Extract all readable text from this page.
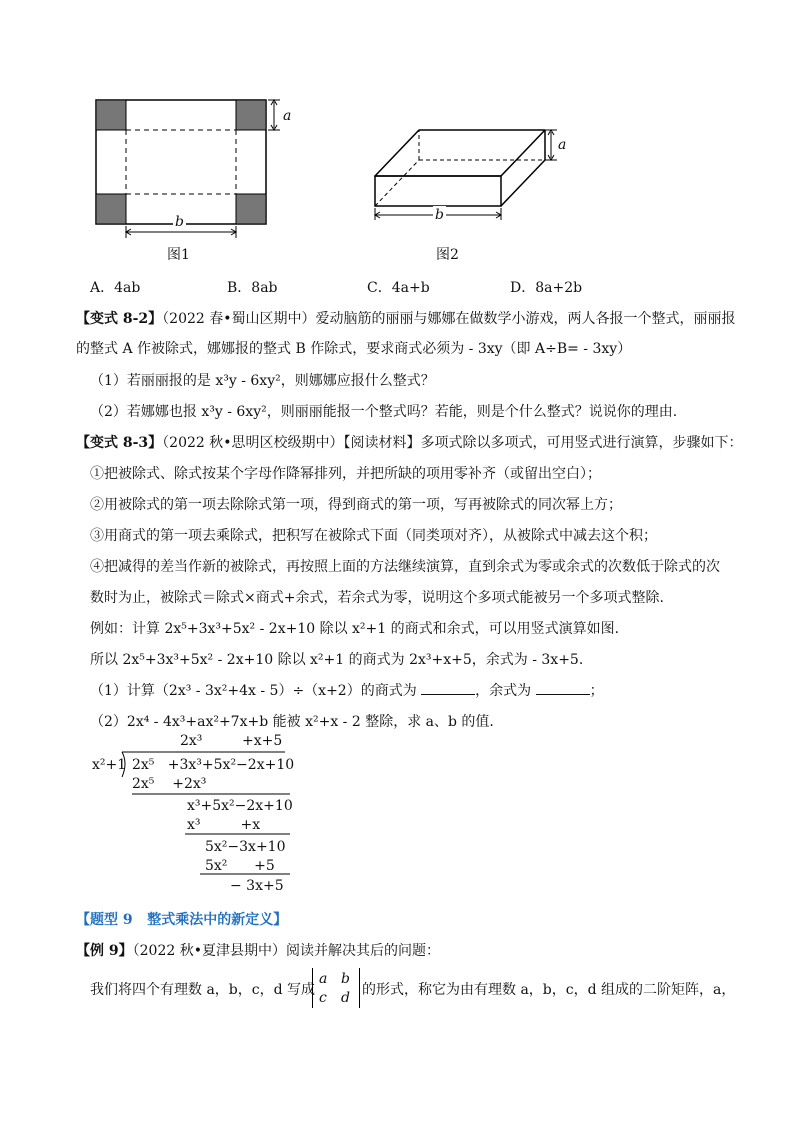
a
b
图1
a
b
图2
A．4ab	B．8ab	C．4a+b	D．8a+2b
【变式 8-2】（2022 春•蜀山区期中）爱动脑筋的丽丽与娜娜在做数学小游戏，两人各报一个整式，丽丽报
的整式 A 作被除式，娜娜报的整式 B 作除式，要求商式必须为 - 3xy（即 A÷B= - 3xy）
（1）若丽丽报的是 x³y - 6xy²，则娜娜应报什么整式？
（2）若娜娜也报 x³y - 6xy²，则丽丽能报一个整式吗？若能，则是个什么整式？说说你的理由.
【变式 8-3】（2022 秋•思明区校级期中）【阅读材料】多项式除以多项式，可用竖式进行演算，步骤如下：
①把被除式、除式按某个字母作降幂排列，并把所缺的项用零补齐（或留出空白）；
②用被除式的第一项去除除式第一项，得到商式的第一项，写再被除式的同次幂上方；
③用商式的第一项去乘除式，把积写在被除式下面（同类项对齐），从被除式中减去这个积；
④把减得的差当作新的被除式，再按照上面的方法继续演算，直到余式为零或余式的次数低于除式的次
数时为止，被除式＝除式×商式+余式，若余式为零，说明这个多项式能被另一个多项式整除.
例如：计算 2x⁵+3x³+5x² - 2x+10 除以 x²+1 的商式和余式，可以用竖式演算如图.
所以 2x⁵+3x³+5x² - 2x+10 除以 x²+1 的商式为 2x³+x+5，余式为 - 3x+5.
（1）计算（2x³ - 3x²+4x - 5）÷（x+2）的商式为	，余式为	；
（2）2x⁴ - 4x³+ax²+7x+b 能被 x²+x - 2 整除，求 a、b 的值.
2x³	+x+5
x²+1 2x⁵   +3x³+5x²−2x+10
2x⁵    +2x³
x³+5x²−2x+10
x³         +x
5x²−3x+10
5x²      +5
− 3x+5
【题型 9   整式乘法中的新定义】
【例 9】（2022 秋•夏津县期中）阅读并解决其后的问题：
我们将四个有理数 a，b，c，d 写成
a b
c d 的形式，称它为由有理数 a，b，c，d 组成的二阶矩阵，a，
